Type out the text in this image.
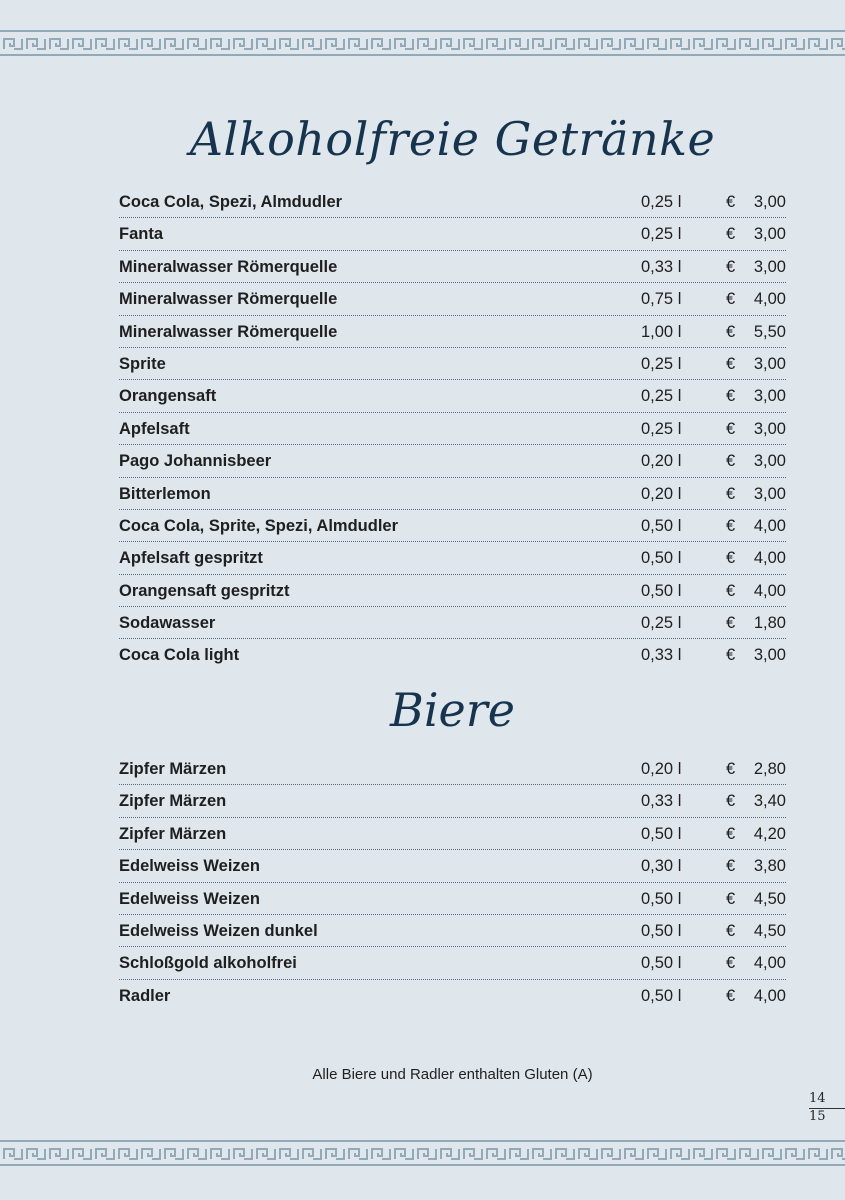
Alkoholfreie Getränke
Coca Cola, Spezi, Almdudler	0,25 l	€ 3,00
Fanta	0,25 l	€ 3,00
Mineralwasser Römerquelle	0,33 l	€ 3,00
Mineralwasser Römerquelle	0,75 l	€ 4,00
Mineralwasser Römerquelle	1,00 l	€ 5,50
Sprite	0,25 l	€ 3,00
Orangensaft	0,25 l	€ 3,00
Apfelsaft	0,25 l	€ 3,00
Pago Johannisbeer	0,20 l	€ 3,00
Bitterlemon	0,20 l	€ 3,00
Coca Cola, Sprite, Spezi, Almdudler	0,50 l	€ 4,00
Apfelsaft gespritzt	0,50 l	€ 4,00
Orangensaft gespritzt	0,50 l	€ 4,00
Sodawasser	0,25 l	€ 1,80
Coca Cola light	0,33 l	€ 3,00
Biere
Zipfer Märzen	0,20 l	€ 2,80
Zipfer Märzen	0,33 l	€ 3,40
Zipfer Märzen	0,50 l	€ 4,20
Edelweiss Weizen	0,30 l	€ 3,80
Edelweiss Weizen	0,50 l	€ 4,50
Edelweiss Weizen dunkel	0,50 l	€ 4,50
Schloßgold alkoholfrei	0,50 l	€ 4,00
Radler	0,50 l	€ 4,00
Alle Biere und Radler enthalten Gluten (A)
14
15
